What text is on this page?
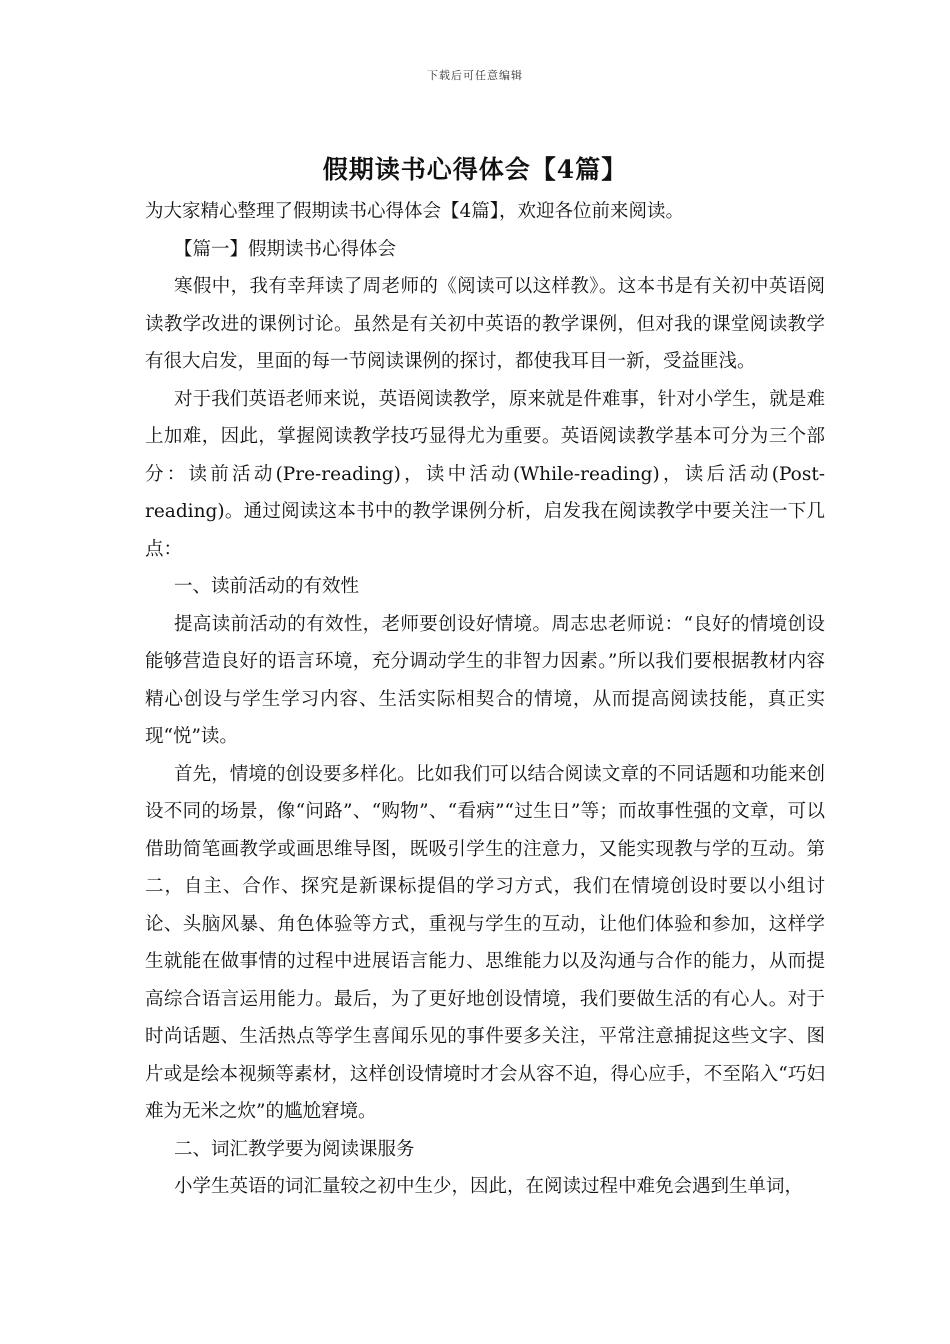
下载后可任意编辑
假期读书心得体会【4篇】

为大家精心整理了假期读书心得体会【4篇】，欢迎各位前来阅读。

【篇一】假期读书心得体会

寒假中，我有幸拜读了周老师的《阅读可以这样教》。这本书是有关初中英语阅读教学改进的课例讨论。虽然是有关初中英语的教学课例，但对我的课堂阅读教学有很大启发，里面的每一节阅读课例的探讨，都使我耳目一新，受益匪浅。

对于我们英语老师来说，英语阅读教学，原来就是件难事，针对小学生，就是难上加难，因此，掌握阅读教学技巧显得尤为重要。英语阅读教学基本可分为三个部分：读前活动(Pre-reading)，读中活动(While-reading)，读后活动(Post-reading)。通过阅读这本书中的教学课例分析，启发我在阅读教学中要关注一下几点：

一、读前活动的有效性

提高读前活动的有效性，老师要创设好情境。周志忠老师说：“良好的情境创设能够营造良好的语言环境，充分调动学生的非智力因素。”所以我们要根据教材内容精心创设与学生学习内容、生活实际相契合的情境，从而提高阅读技能，真正实现“悦”读。

首先，情境的创设要多样化。比如我们可以结合阅读文章的不同话题和功能来创设不同的场景，像“问路”、“购物”、“看病”“过生日”等；而故事性强的文章，可以借助简笔画教学或画思维导图，既吸引学生的注意力，又能实现教与学的互动。第二，自主、合作、探究是新课标提倡的学习方式，我们在情境创设时要以小组讨论、头脑风暴、角色体验等方式，重视与学生的互动，让他们体验和参加，这样学生就能在做事情的过程中进展语言能力、思维能力以及沟通与合作的能力，从而提高综合语言运用能力。最后，为了更好地创设情境，我们要做生活的有心人。对于时尚话题、生活热点等学生喜闻乐见的事件要多关注，平常注意捕捉这些文字、图片或是绘本视频等素材，这样创设情境时才会从容不迫，得心应手，不至陷入“巧妇难为无米之炊”的尴尬窘境。

二、词汇教学要为阅读课服务

小学生英语的词汇量较之初中生少，因此，在阅读过程中难免会遇到生单词，
